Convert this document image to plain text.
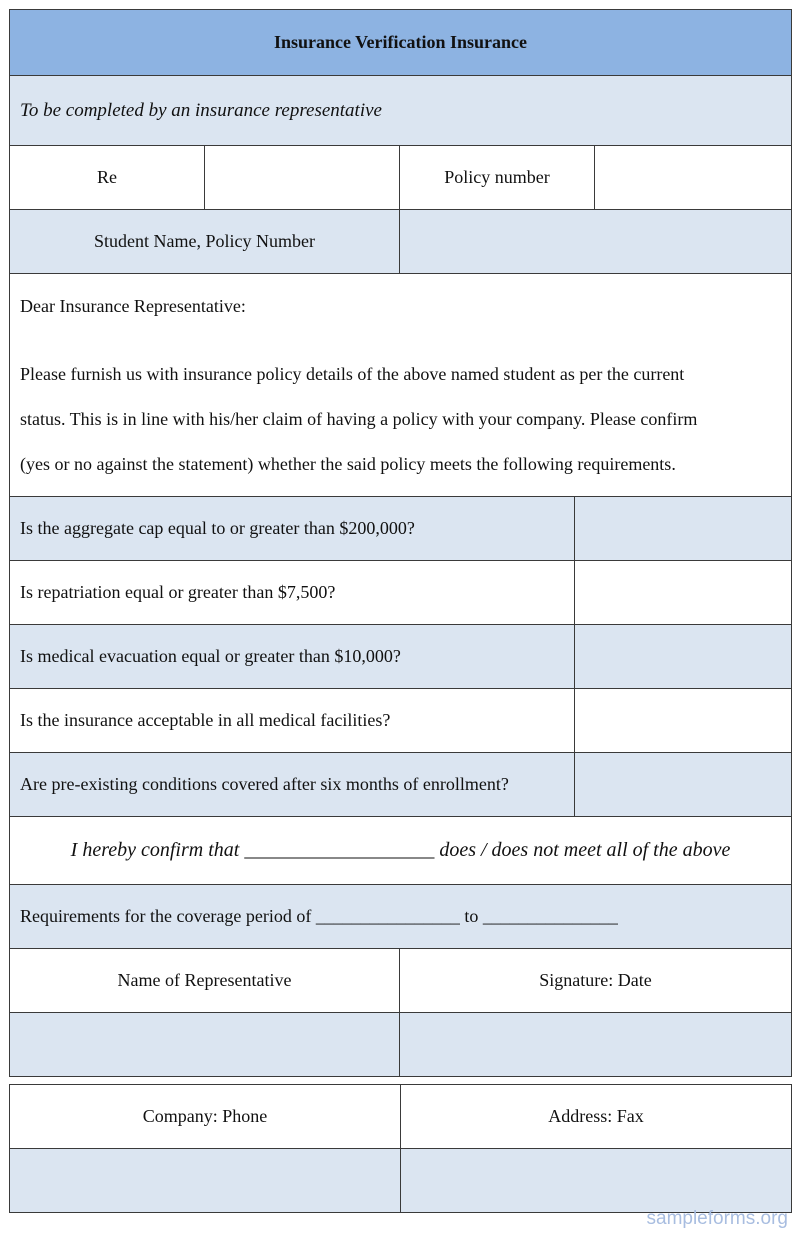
Insurance Verification Insurance				
To be completed by an insurance representative				
Re		Policy number		
Student Name, Policy Number				

Dear Insurance Representative:

Please furnish us with insurance policy details of the above named student as per the current

status. This is in line with his/her claim of having a policy with your company. Please confirm

(yes or no against the statement) whether the said policy meets the following requirements.				

Is the aggregate cap equal to or greater than $200,000?				
Is repatriation equal or greater than $7,500?				
Is medical evacuation equal or greater than $10,000?				
Is the insurance acceptable in all medical facilities?				
Are pre-existing conditions covered after six months of enrollment?				
I hereby confirm that ___________________ does / does not meet all of the above				
Requirements for the coverage period of ________________ to _______________				
Name of Representative		Signature: Date		

Company: Phone	Address: Fax

sampleforms.org
